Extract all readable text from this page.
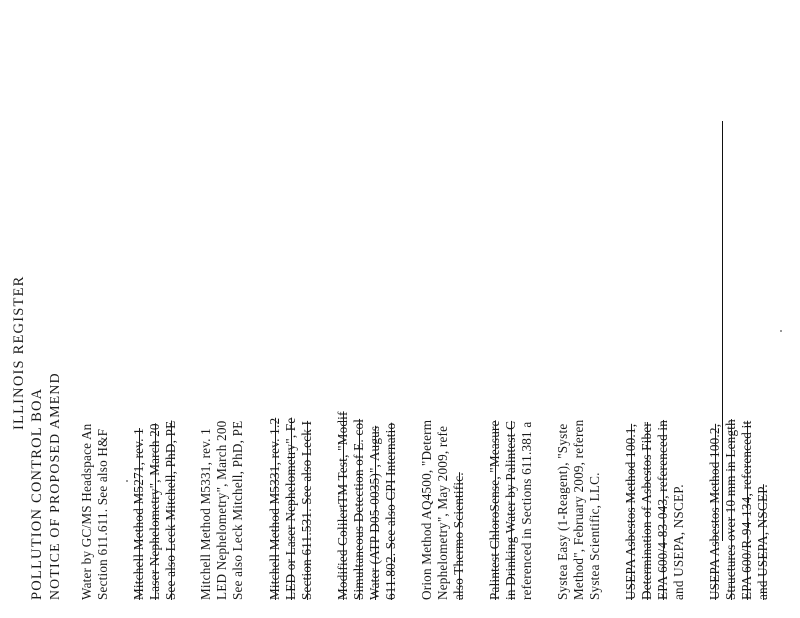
ILLINOIS REGISTER
POLLUTION CONTROL BOA NOTICE OF PROPOSED AMEND Water by GC/MS Headspace An Section 611.611. See also H&F Mitchell Method M5271, rev. 1 Laser Nephelometry", March 20 See also Leck Mitchell, PhD, PE Mitchell Method M5331, rev. 1 LED Nephelometry", March 200 See also Leck Mitchell, PhD, PE Mitchell Method M5331, rev. 1.2 LED or Laser Nephelometry", Fe Section 611.531. See also Leck I Modified ColilertTM Test, "Modif Simultaneous Detection of E. col Water (ATP D05-0035)", Augus 611.802. See also CPI Internatio Orion Method AQ4500, "Determ Nephelometry", May 2009, refe also Thermo Scientific. Palintest ChloroSense, "Measure in Drinking Water by Palintest C referenced in Sections 611.381 a Systea Easy (1-Reagent), "Syste Method", February 2009, referen Systea Scientific, LLC. USEPA Asbestos Method 100.1, Determination of Asbestos Fiber EPA 600/4-83-043, referenced in and USEPA, NSCEP. USEPA Asbestos Method 100.2, Structures over 10 mm in Length EPA 600/R-94-134, referenced it and USEPA, NSCEP.
